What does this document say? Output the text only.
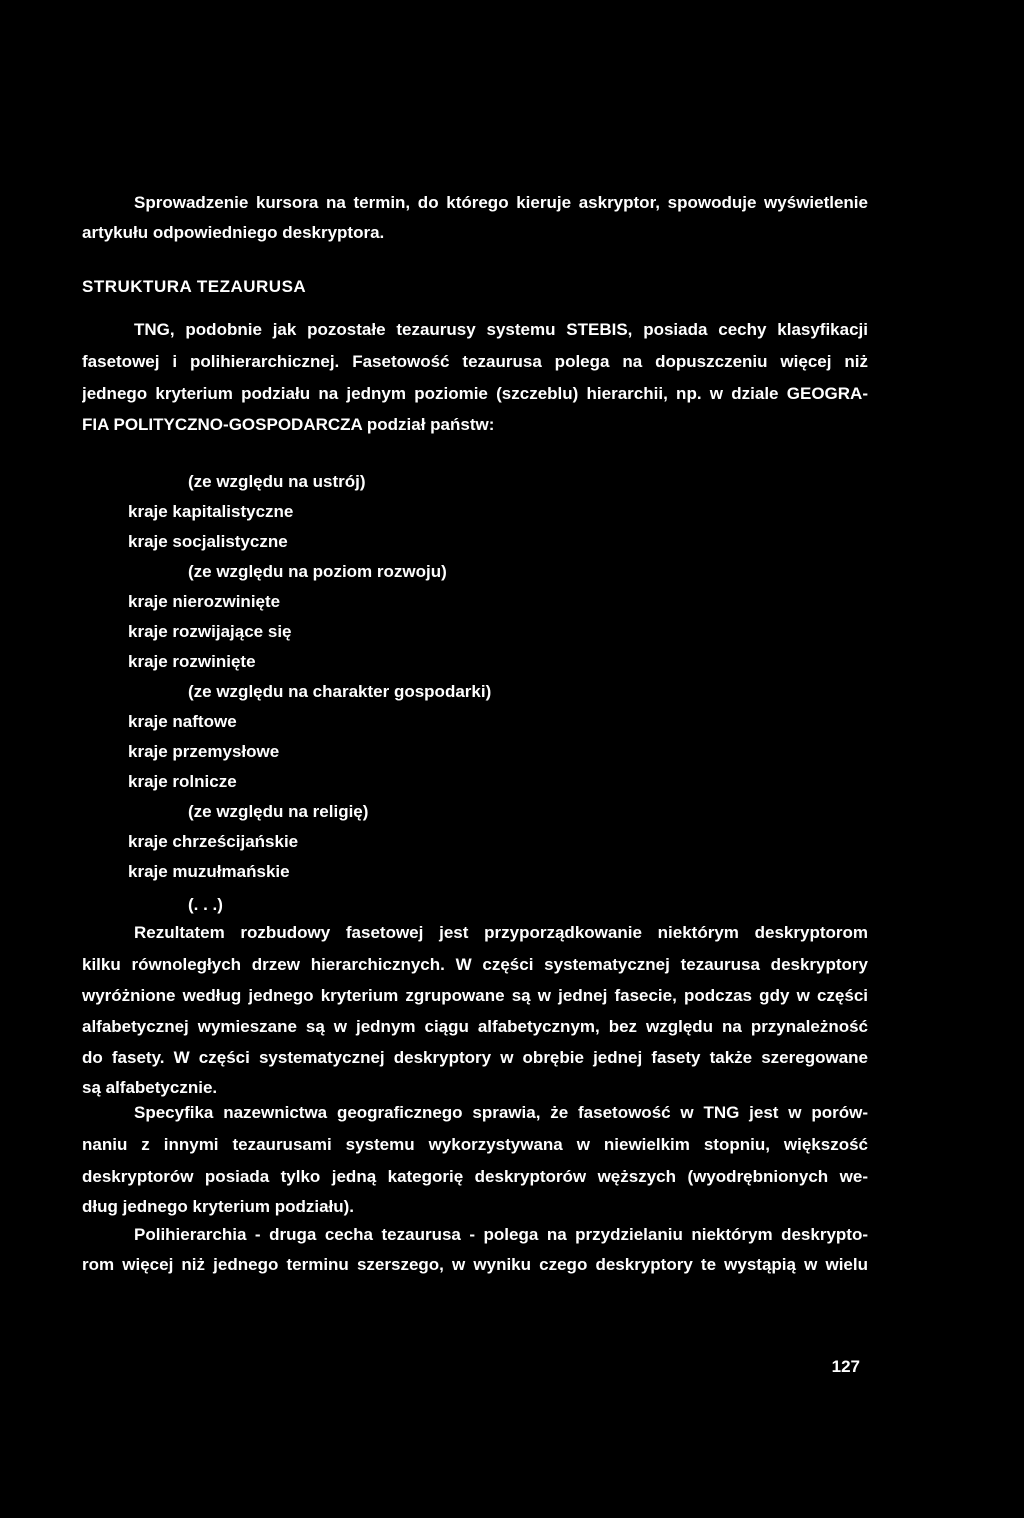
Sprowadzenie kursora na termin, do którego kieruje askryptor, spowoduje wyświetlenie
artykułu odpowiedniego deskryptora.
STRUKTURA TEZAURUSA
TNG, podobnie jak pozostałe tezaurusy systemu STEBIS, posiada cechy klasyfikacji
fasetowej i polihierarchicznej. Fasetowość tezaurusa polega na dopuszczeniu więcej niż
jednego kryterium podziału na jednym poziomie (szczeblu) hierarchii, np. w dziale GEOGRA-
FIA POLITYCZNO-GOSPODARCZA podział państw:
(ze względu na ustrój)
kraje kapitalistyczne
kraje socjalistyczne
(ze względu na poziom rozwoju)
kraje nierozwinięte
kraje rozwijające się
kraje rozwinięte
(ze względu na charakter gospodarki)
kraje naftowe
kraje przemysłowe
kraje rolnicze
(ze względu na religię)
kraje chrześcijańskie
kraje muzułmańskie
(. . .)
Rezultatem rozbudowy fasetowej jest przyporządkowanie niektórym deskryptorom
kilku równoległych drzew hierarchicznych. W części systematycznej tezaurusa deskryptory
wyróżnione według jednego kryterium zgrupowane są w jednej fasecie, podczas gdy w części
alfabetycznej wymieszane są w jednym ciągu alfabetycznym, bez względu na przynależność
do fasety. W części systematycznej deskryptory w obrębie jednej fasety także szeregowane
są alfabetycznie.
Specyfika nazewnictwa geograficznego sprawia, że fasetowość w TNG jest w porów-
naniu z innymi tezaurusami systemu wykorzystywana w niewielkim stopniu, większość
deskryptorów posiada tylko jedną kategorię deskryptorów węższych (wyodrębnionych we-
dług jednego kryterium podziału).
Polihierarchia - druga cecha tezaurusa - polega na przydzielaniu niektórym deskrypto-
rom więcej niż jednego terminu szerszego, w wyniku czego deskryptory te wystąpią w wielu
127
